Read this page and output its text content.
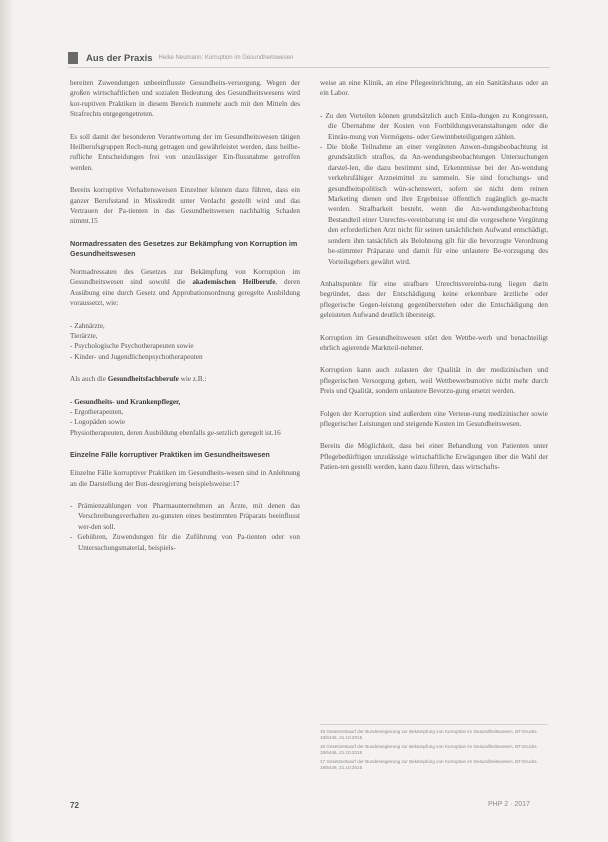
Aus der Praxis Heike Neumann: Korruption im Gesundheitswesen

bereiten Zuwendungen unbeeinflusste Gesundheits-versorgung. Wegen der großen wirtschaftlichen und sozialen Bedeutung des Gesundheitswesens wird kor-ruptiven Praktiken in diesem Bereich nunmehr auch mit den Mitteln des Strafrechts entgegengetreten.

Es soll damit der besonderen Verantwortung der im Gesundheitswesen tätigen Heilberufsgruppen Rech-nung getragen und gewährleistet werden, dass heilbe-rufliche Entscheidungen frei von unzulässiger Ein-flussnahme getroffen werden.

Bereits korruptive Verhaltensweisen Einzelner können dazu führen, dass ein ganzer Berufsstand in Misskredit unter Verdacht gestellt wird und das Vertrauen der Pa-tienten in das Gesundheitswesen nachhaltig Schaden nimmt.15

Normadressaten des Gesetzes zur Bekämpfung von Korruption im Gesundheitswesen

Normadressaten des Gesetzes zur Bekämpfung von Korruption im Gesundheitswesen sind sowohl die akademischen Heilberufe, deren Ausübung eine durch Gesetz und Approbationsordnung geregelte Ausbildung voraussetzt, wie:

- Zahnärzte,
Tierärzte,
- Psychologische Psychotherapeuten sowie
- Kinder- und Jugendlichenpsychotherapeuten

Als auch die Gesundheitsfachberufe wie z.B.:

- Gesundheits- und Krankenpfleger,
- Ergotherapeuten,
- Logopäden sowie
Physiotherapeuten, deren Ausbildung ebenfalls ge-setzlich geregelt ist.16
Einzelne Fälle korruptiver Praktiken im Gesundheitswesen

Einzelne Fälle korruptiver Praktiken im Gesundheits-wesen sind in Anlehnung an die Darstellung der Bun-desregierung beispielsweise:17

- Prämienzahlungen von Pharmaunternehmen an Ärzte, mit denen das Verschreibungsverhalten zu-gunsten eines bestimmten Präparats beeinflusst wer-den soll.
- Gebühren, Zuwendungen für die Zuführung von Pa-tienten oder von Untersuchungsmaterial, beispiels-

weise an eine Klinik, an eine Pflegeeinrichtung, an ein Sanitätshaus oder an ein Labor.

- Zu den Vorteilen können grundsätzlich auch Einla-dungen zu Kongressen, die Übernahme der Kosten von Fortbildungsveranstaltungen oder die Einräu-mung von Vermögens- oder Gewinnbeteiligungen zählen.
- Die bloße Teilnahme an einer vergüteten Anwen-dungsbeobachtung ist grundsätzlich straflos, da An-wendungsbeobachtungen Untersuchungen darstel-len, die dazu bestimmt sind, Erkenntnisse bei der An-wendung verkehrsfähiger Arzneimittel zu sammeln. Sie sind forschungs- und gesundheitspolitisch wün-schenswert, sofern sie nicht dem reinen Marketing dienen und ihre Ergebnisse öffentlich zugänglich ge-macht werden. Strafbarkeit besteht, wenn die An-wendungsbeobachtung Bestandteil einer Unrechts-vereinbarung ist und die vorgesehene Vergütung den erforderlichen Arzt nicht für seinen tatsächlichen Aufwand entschädigt, sondern ihm tatsächlich als Belohnung gilt für die bevorzugte Verordnung be-stimmter Präparate und damit für eine unlautere Be-vorzugung des Vorteilsgebers gewährt wird.

Anhaltspunkte für eine strafbare Unrechtsvereinba-rung liegen darin begründet, dass der Entschädigung keine erkennbare ärztliche oder pflegerische Gegen-leistung gegenüberstehen oder die Entschädigung den geleisteten Aufwand deutlich übersteigt.

Korruption im Gesundheitswesen stört den Wettbe-werb und benachteiligt ehrlich agierende Marktteil-nehmer.

Korruption kann auch zulasten der Qualität in der medizinischen und pflegerischen Versorgung gehen, weil Wettbewerbsmotive nicht mehr durch Preis und Qualität, sondern unlautere Bevorzu-gung ersetzt werden.

Folgen der Korruption sind außerdem eine Verteue-rung medizinischer sowie pflegerischer Leistungen und steigende Kosten im Gesundheitswesen.

Bereits die Möglichkeit, dass bei einer Behandlung von Patienten unter Pflegebedürftigen unzulässige wirtschaftliche Erwägungen über die Wahl der Patien-ten gestellt werden, kann dazu führen, dass wirtschafts-

15 Gesetzentwurf der Bundesregierung zur Bekämpfung von Korruption im Gesundheitswesen, BT-Drucks. 18/6446, 21.10.2015
16 Gesetzentwurf der Bundesregierung zur Bekämpfung von Korruption im Gesundheitswesen, BT-Drucks. 18/6446, 21.10.2015
17 Gesetzentwurf der Bundesregierung zur Bekämpfung von Korruption im Gesundheitswesen, BT-Drucks. 18/6446, 21.10.2015
72	PHP 2 · 2017
